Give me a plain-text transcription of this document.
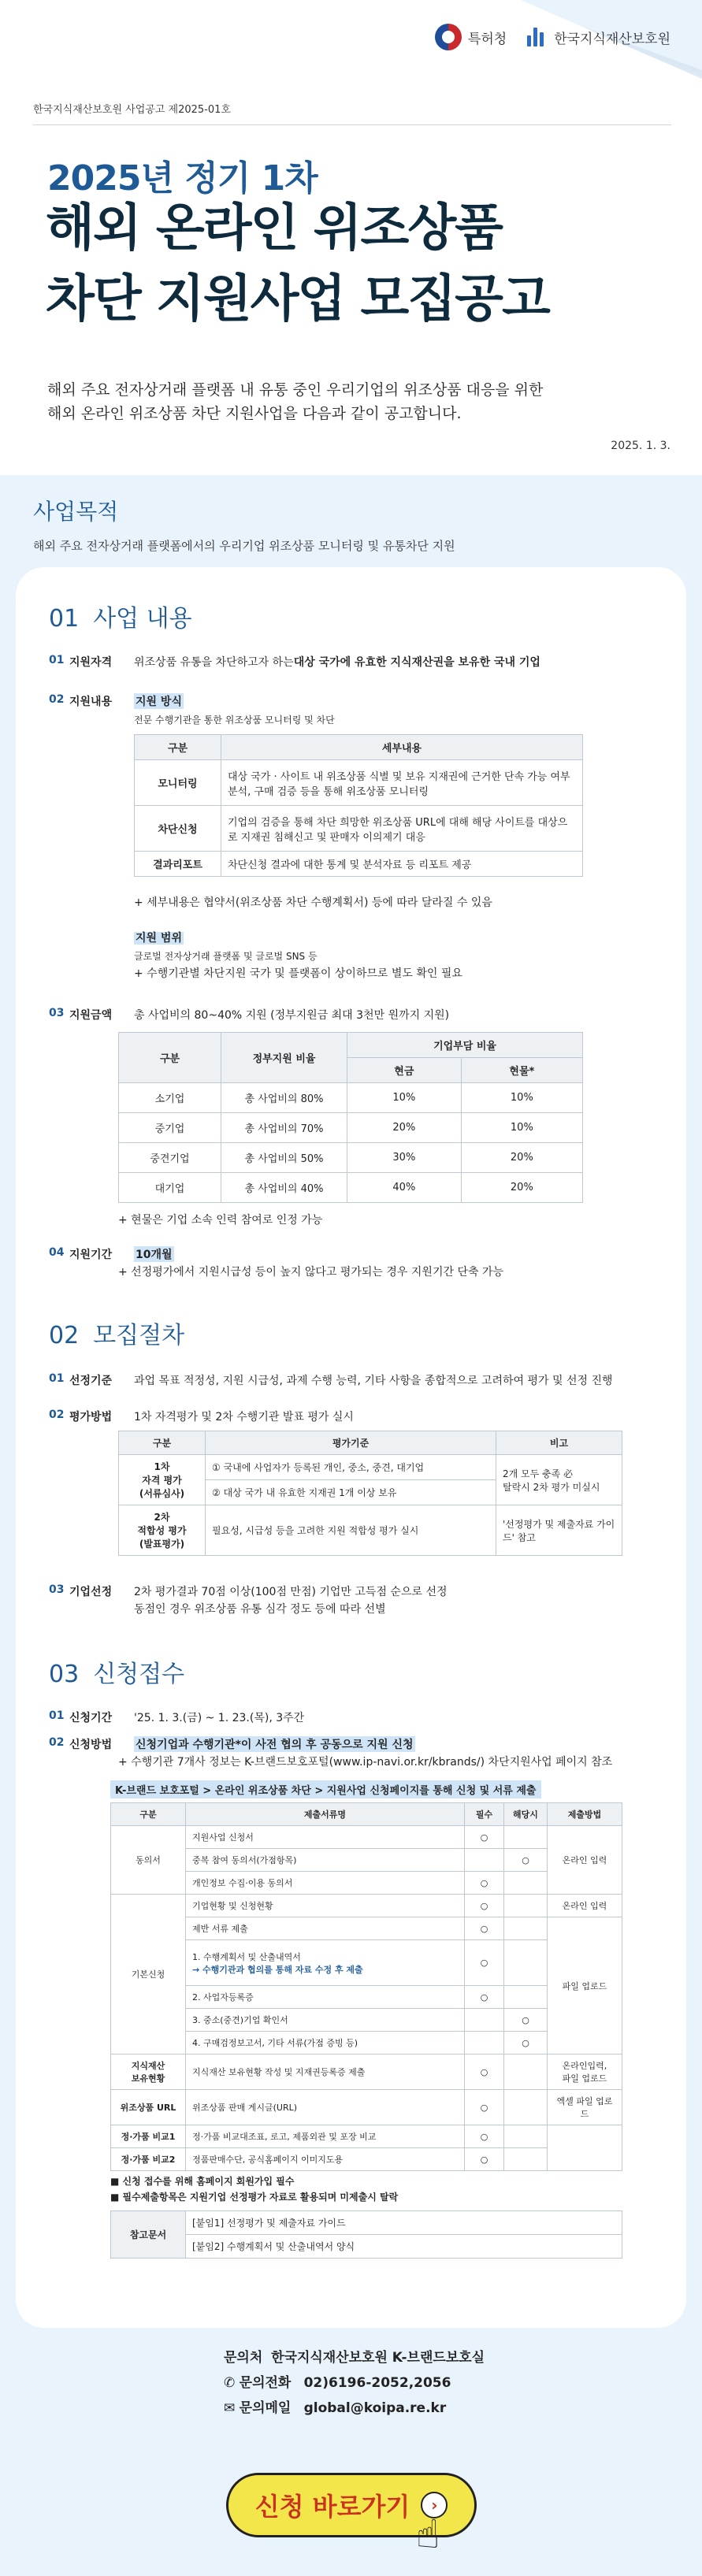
특허청	한국지식재산보호원
한국지식재산보호원 사업공고 제2025-01호
2025년 정기 1차
해외 온라인 위조상품
차단 지원사업 모집공고
해외 주요 전자상거래 플랫폼 내 유통 중인 우리기업의 위조상품 대응을 위한
해외 온라인 위조상품 차단 지원사업을 다음과 같이 공고합니다.
2025. 1. 3.
사업목적

해외 주요 전자상거래 플랫폼에서의 우리기업 위조상품 모니터링 및 유통차단 지원

01 사업 내용
01 지원자격	위조상품 유통을 차단하고자 하는 대상 국가에 유효한 지식재산권을 보유한 국내 기업
02 지원내용	지원 방식
전문 수행기관을 통한 위조상품 모니터링 및 차단
구분	세부내용
모니터링	대상 국가 · 사이트 내 위조상품 식별 및 보유 지재권에 근거한 단속 가능 여부 분석, 구매 검증 등을 통해 위조상품 모니터링
차단신청	기업의 검증을 통해 차단 희망한 위조상품 URL에 대해 해당 사이트를 대상으로 지재권 침해신고 및 판매자 이의제기 대응
결과리포트	차단신청 결과에 대한 통계 및 분석자료 등 리포트 제공
+ 세부내용은 협약서(위조상품 차단 수행계획서) 등에 따라 달라질 수 있음
지원 범위
글로벌 전자상거래 플랫폼 및 글로벌 SNS 등
+ 수행기관별 차단지원 국가 및 플랫폼이 상이하므로 별도 확인 필요
03 지원금액	총 사업비의 80~40% 지원 (정부지원금 최대 3천만 원까지 지원)
구분	정부지원 비율	기업부담 비율	
		현금	현물*
소기업	총 사업비의 80%	10%	10%
중기업	총 사업비의 70%	20%	10%
중견기업	총 사업비의 50%	30%	20%
대기업	총 사업비의 40%	40%	20%
+ 현물은 기업 소속 인력 참여로 인정 가능
04 지원기간	10개월
+ 선정평가에서 지원시급성 등이 높지 않다고 평가되는 경우 지원기간 단축 가능
02 모집절차
01 선정기준	과업 목표 적정성, 지원 시급성, 과제 수행 능력, 기타 사항을 종합적으로 고려하여 평가 및 선정 진행
02 평가방법	1차 자격평가 및 2차 수행기관 발표 평가 실시
구분	평가기준	비고
1차
자격 평가
(서류심사)	① 국내에 사업자가 등록된 개인, 중소, 중견, 대기업	2개 모두 충족 必
탈락시 2차 평가 미실시
	② 대상 국가 내 유효한 지재권 1개 이상 보유	
2차
적합성 평가
(발표평가)	필요성, 시급성 등을 고려한 지원 적합성 평가 실시	'선정평가 및 제출자료 가이드' 참고
03 기업선정	2차 평가결과 70점 이상(100점 만점) 기업만 고득점 순으로 선정
동점인 경우 위조상품 유통 심각 정도 등에 따라 선별
03 신청접수
01 신청기간	'25. 1. 3.(금) ~ 1. 23.(목), 3주간
02 신청방법	신청기업과 수행기관*이 사전 협의 후 공동으로 지원 신청
+ 수행기관 7개사 정보는 K-브랜드보호포털(www.ip-navi.or.kr/kbrands/) 차단지원사업 페이지 참조
K-브랜드 보호포털 > 온라인 위조상품 차단 > 지원사업 신청페이지를 통해 신청 및 서류 제출
구분	제출서류명	필수	해당시	제출방법
동의서	지원사업 신청서	○		온라인 입력
	중복 참여 동의서(가점항목)		○	
	개인정보 수집·이용 동의서	○		
기본신청	기업현황 및 신청현황	○		온라인 입력
	제반 서류 제출	○		파일 업로드

	1. 수행계획서 및 산출내역서
→ 수행기관과 협의를 통해 자료 수정 후 제출	○		
	2. 사업자등록증	○		
	3. 중소(중견)기업 확인서		○	
	4. 구매검정보고서, 기타 서류(가점 증빙 등)		○	
지식재산
보유현황	지식재산 보유현황 작성 및 지재권등록증 제출	○		온라인입력,
파일 업로드
위조상품 URL	위조상품 판매 게시글(URL)	○		엑셀 파일 업로드
정·가품 비교1	정·가품 비교대조표, 로고, 제품외관 및 포장 비교	○		
정·가품 비교2	정품판매수단, 공식홈페이지 이미지도용	○		
■ 신청 접수를 위해 홈페이지 회원가입 필수
■ 필수제출항목은 지원기업 선정평가 자료로 활용되며 미제출시 탈락
참고문서	[붙임1] 선정평가 및 제출자료 가이드
[붙임2] 수행계획서 및 산출내역서 양식
문의처 한국지식재산보호원 K-브랜드보호실
✆ 문의전화 02)6196-2052,2056
✉ 문의메일 global@koipa.re.kr
신청 바로가기	›
☝
